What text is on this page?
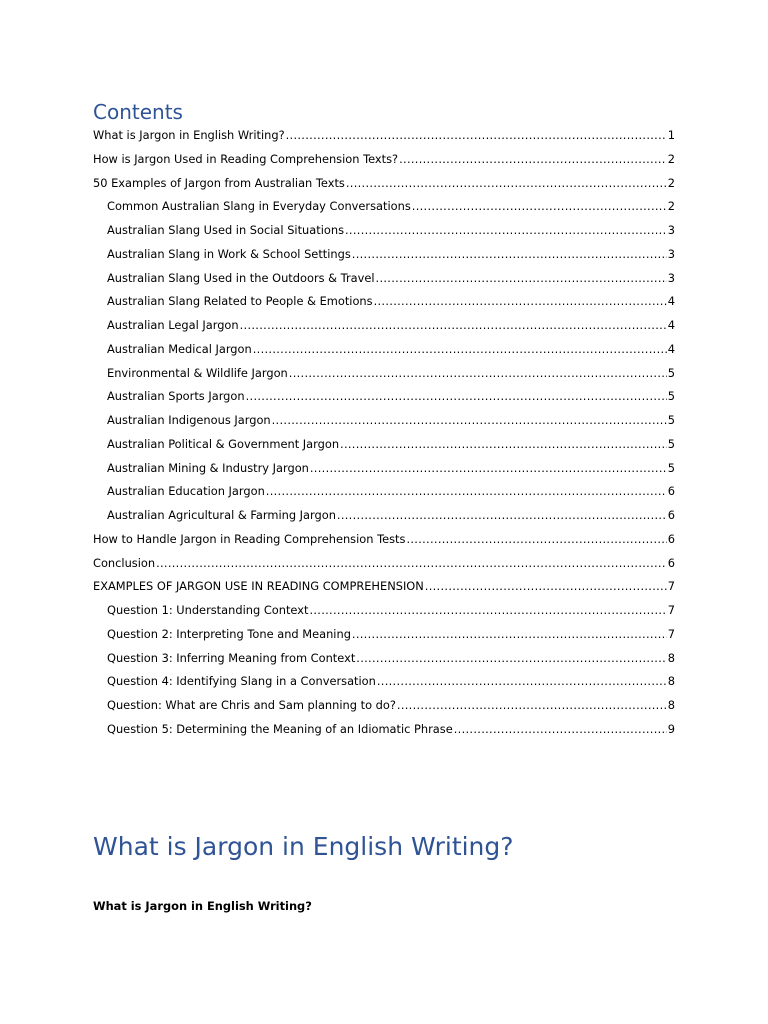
Contents
What is Jargon in English Writing? .....	1
How is Jargon Used in Reading Comprehension Texts? .....	2
50 Examples of Jargon from Australian Texts .....	2
Common Australian Slang in Everyday Conversations .....	2
Australian Slang Used in Social Situations .....	3
Australian Slang in Work & School Settings .....	3
Australian Slang Used in the Outdoors & Travel .....	3
Australian Slang Related to People & Emotions .....	4
Australian Legal Jargon .....	4
Australian Medical Jargon .....	4
Environmental & Wildlife Jargon .....	5
Australian Sports Jargon .....	5
Australian Indigenous Jargon .....	5
Australian Political & Government Jargon .....	5
Australian Mining & Industry Jargon .....	5
Australian Education Jargon .....	6
Australian Agricultural & Farming Jargon .....	6
How to Handle Jargon in Reading Comprehension Tests .....	6
Conclusion .....	6
EXAMPLES OF JARGON USE IN READING COMPREHENSION .....	7
Question 1: Understanding Context .....	7
Question 2: Interpreting Tone and Meaning .....	7
Question 3: Inferring Meaning from Context .....	8
Question 4: Identifying Slang in a Conversation .....	8
Question: What are Chris and Sam planning to do? .....	8
Question 5: Determining the Meaning of an Idiomatic Phrase .....	9
What is Jargon in English Writing?

What is Jargon in English Writing?
